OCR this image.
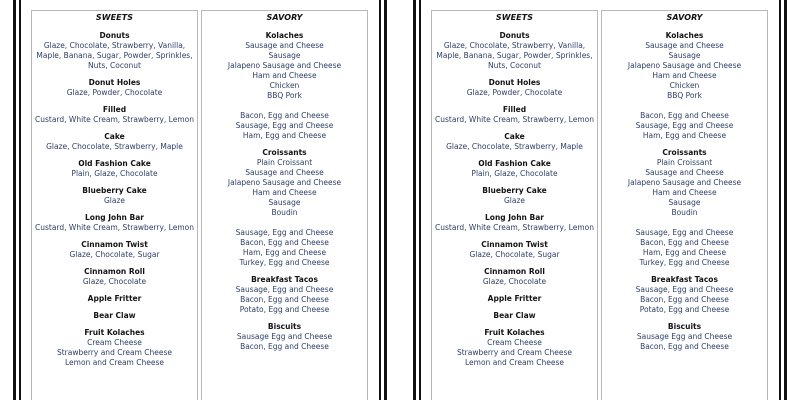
SWEETS
Donuts
Glaze, Chocolate, Strawberry, Vanilla,
Maple, Banana, Sugar, Powder, Sprinkles,
Nuts, Coconut
Donut Holes
Glaze, Powder, Chocolate
Filled
Custard, White Cream, Strawberry, Lemon
Cake
Glaze, Chocolate, Strawberry, Maple
Old Fashion Cake
Plain, Glaze, Chocolate
Blueberry Cake
Glaze
Long John Bar
Custard, White Cream, Strawberry, Lemon
Cinnamon Twist
Glaze, Chocolate, Sugar
Cinnamon Roll
Glaze, Chocolate
Apple Fritter
Bear Claw
Fruit Kolaches
Cream Cheese
Strawberry and Cream Cheese
Lemon and Cream Cheese
SAVORY
Kolaches
Sausage and Cheese
Sausage
Jalapeno Sausage and Cheese
Ham and Cheese
Chicken
BBQ Pork
Bacon, Egg and Cheese
Sausage, Egg and Cheese
Ham, Egg and Cheese
Croissants
Plain Croissant
Sausage and Cheese
Jalapeno Sausage and Cheese
Ham and Cheese
Sausage
Boudin
Sausage, Egg and Cheese
Bacon, Egg and Cheese
Ham, Egg and Cheese
Turkey, Egg and Cheese
Breakfast Tacos
Sausage, Egg and Cheese
Bacon, Egg and Cheese
Potato, Egg and Cheese
Biscuits
Sausage Egg and Cheese
Bacon, Egg and Cheese
SWEETS
Donuts
Glaze, Chocolate, Strawberry, Vanilla,
Maple, Banana, Sugar, Powder, Sprinkles,
Nuts, Coconut
Donut Holes
Glaze, Powder, Chocolate
Filled
Custard, White Cream, Strawberry, Lemon
Cake
Glaze, Chocolate, Strawberry, Maple
Old Fashion Cake
Plain, Glaze, Chocolate
Blueberry Cake
Glaze
Long John Bar
Custard, White Cream, Strawberry, Lemon
Cinnamon Twist
Glaze, Chocolate, Sugar
Cinnamon Roll
Glaze, Chocolate
Apple Fritter
Bear Claw
Fruit Kolaches
Cream Cheese
Strawberry and Cream Cheese
Lemon and Cream Cheese
SAVORY
Kolaches
Sausage and Cheese
Sausage
Jalapeno Sausage and Cheese
Ham and Cheese
Chicken
BBQ Pork
Bacon, Egg and Cheese
Sausage, Egg and Cheese
Ham, Egg and Cheese
Croissants
Plain Croissant
Sausage and Cheese
Jalapeno Sausage and Cheese
Ham and Cheese
Sausage
Boudin
Sausage, Egg and Cheese
Bacon, Egg and Cheese
Ham, Egg and Cheese
Turkey, Egg and Cheese
Breakfast Tacos
Sausage, Egg and Cheese
Bacon, Egg and Cheese
Potato, Egg and Cheese
Biscuits
Sausage Egg and Cheese
Bacon, Egg and Cheese
